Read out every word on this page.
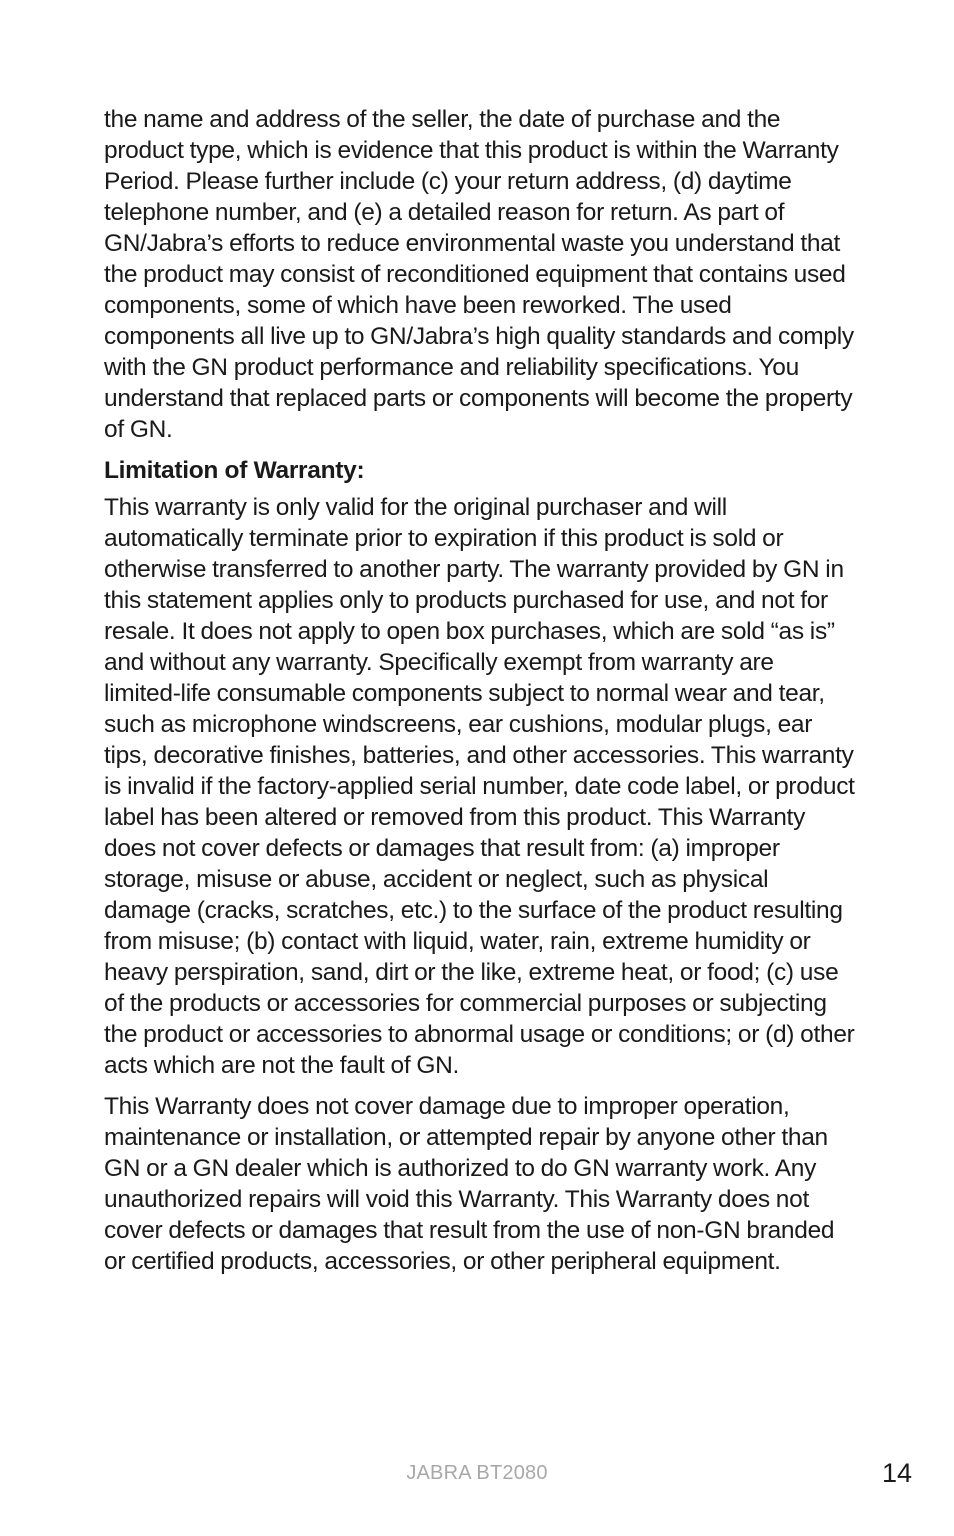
the name and address of the seller, the date of purchase and the product type, which is evidence that this product is within the Warranty Period. Please further include (c) your return address, (d) daytime telephone number, and (e) a detailed reason for return. As part of GN/Jabra’s efforts to reduce environmental waste you understand that the product may consist of reconditioned equipment that contains used components, some of which have been reworked. The used components all live up to GN/Jabra’s high quality standards and comply with the GN product performance and reliability specifications. You understand that replaced parts or components will become the property of GN.

Limitation of Warranty:

This warranty is only valid for the original purchaser and will automatically terminate prior to expiration if this product is sold or otherwise transferred to another party. The warranty provided by GN in this statement applies only to products purchased for use, and not for resale. It does not apply to open box purchases, which are sold “as is” and without any warranty. Specifically exempt from warranty are limited-life consumable components subject to normal wear and tear, such as microphone windscreens, ear cushions, modular plugs, ear tips, decorative finishes, batteries, and other accessories. This warranty is invalid if the factory-applied serial number, date code label, or product label has been altered or removed from this product. This Warranty does not cover defects or damages that result from: (a) improper storage, misuse or abuse, accident or neglect, such as physical damage (cracks, scratches, etc.) to the surface of the product resulting from misuse; (b) contact with liquid, water, rain, extreme humidity or heavy perspiration, sand, dirt or the like, extreme heat, or food; (c) use of the products or accessories for commercial purposes or subjecting the product or accessories to abnormal usage or conditions; or (d) other acts which are not the fault of GN.

This Warranty does not cover damage due to improper operation, maintenance or installation, or attempted repair by anyone other than GN or a GN dealer which is authorized to do GN warranty work. Any unauthorized repairs will void this Warranty. This Warranty does not cover defects or damages that result from the use of non-GN branded or certified products, accessories, or other peripheral equipment.

JABRA BT2080	14
